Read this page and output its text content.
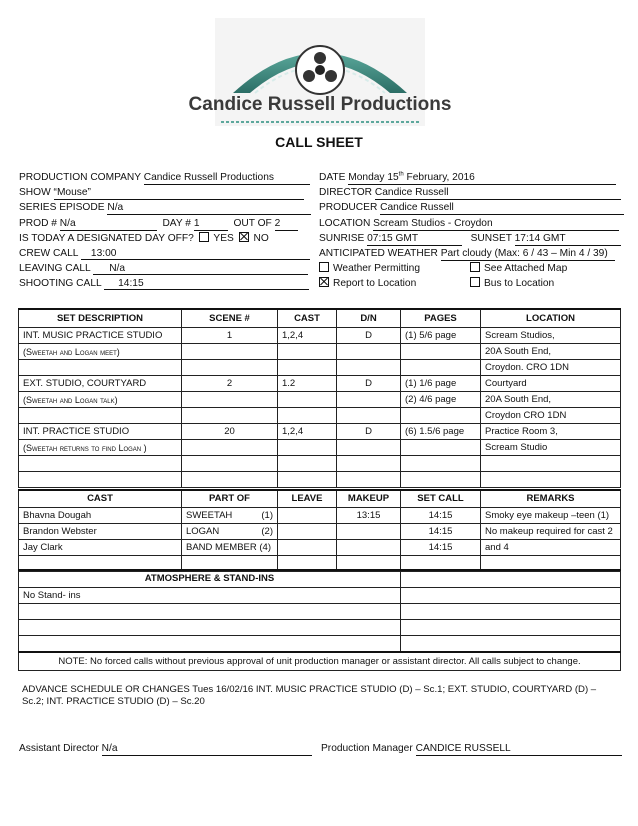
Candice Russell Productions
CALL SHEET
PRODUCTION COMPANY Candice Russell Productions
SHOW “Mouse”
SERIES EPISODE N/a
PROD # N/a	DAY # 1	OUT OF 2
IS TODAY A DESIGNATED DAY OFF? YES NO
CREW CALL 13:00
LEAVING CALL N/a
SHOOTING CALL 14:15
DATE Monday 15th February, 2016
DIRECTOR Candice Russell
PRODUCER Candice Russell
LOCATION Scream Studios - Croydon
SUNRISE 07:15 GMT	SUNSET 17:14 GMT
ANTICIPATED WEATHER Part cloudy (Max: 6 / 43 – Min 4 / 39)
Weather Permitting	See Attached Map
Report to Location	Bus to Location
SET DESCRIPTION	SCENE #	CAST	D/N	PAGES	LOCATION
INT. MUSIC PRACTICE STUDIO	1	1,2,4	D	(1) 5/6 page	Scream Studios,
(Sweetah and Logan meet)					20A South End,
					Croydon. CRO 1DN
EXT. STUDIO, COURTYARD	2	1.2	D	(1) 1/6 page	Courtyard
(Sweetah and Logan talk)				(2) 4/6 page	20A South End,
					Croydon CRO 1DN
INT. PRACTICE STUDIO	20	1,2,4	D	(6) 1.5/6 page	Practice Room 3,
(Sweetah returns to find Logan )					Scream Studio

CAST	PART OF	LEAVE	MAKEUP	SET CALL	REMARKS
Bhavna Dougah	SWEETAH (1)		13:15	14:15	Smoky eye makeup –teen (1)
Brandon Webster	LOGAN (2)			14:15	No makeup required for cast 2
Jay Clark	BAND MEMBER (4)			14:15	and 4

ATMOSPHERE & STAND-INS	
No Stand- ins	

NOTE: No forced calls without previous approval of unit production manager or assistant director. All calls subject to change.	
ADVANCE SCHEDULE OR CHANGES Tues 16/02/16 INT. MUSIC PRACTICE STUDIO (D) – Sc.1; EXT. STUDIO, COURTYARD (D) – Sc.2; INT. PRACTICE STUDIO (D) – Sc.20
Assistant Director N/a	Production Manager CANDICE RUSSELL
